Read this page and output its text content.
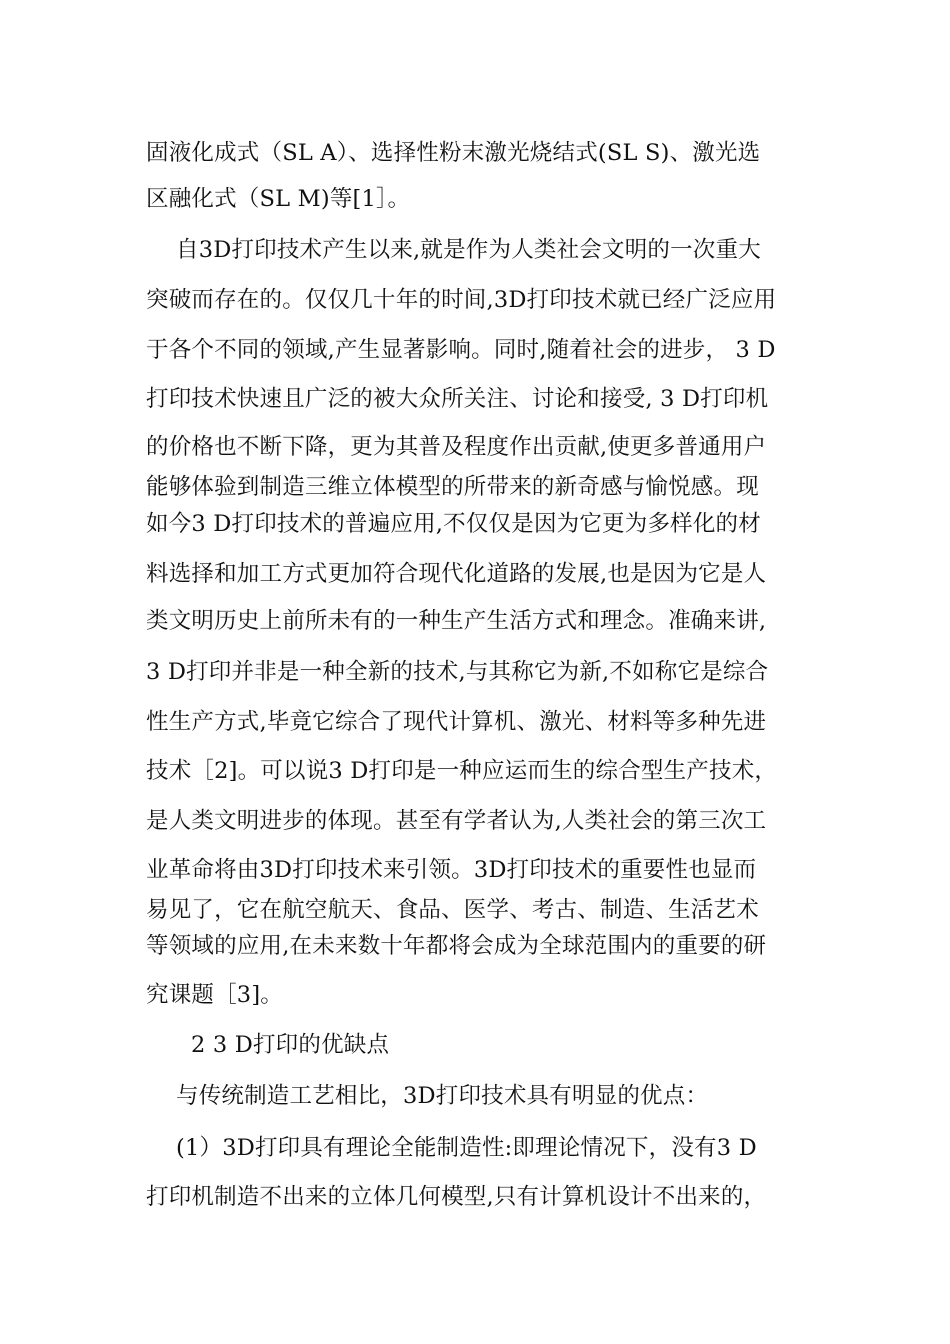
固液化成式（SL A）、选择性粉末激光烧结式(SL S)、激光选
区融化式（SL M)等[1］。
自3D打印技术产生以来,就是作为人类社会文明的一次重大
突破而存在的。仅仅几十年的时间,3D打印技术就已经广泛应用
于各个不同的领域,产生显著影响。同时,随着社会的进步， 3 D
打印技术快速且广泛的被大众所关注、讨论和接受, 3 D打印机
的价格也不断下降，更为其普及程度作出贡献,使更多普通用户
能够体验到制造三维立体模型的所带来的新奇感与愉悦感。现
如今3 D打印技术的普遍应用,不仅仅是因为它更为多样化的材
料选择和加工方式更加符合现代化道路的发展,也是因为它是人
类文明历史上前所未有的一种生产生活方式和理念。准确来讲,
3 D打印并非是一种全新的技术,与其称它为新,不如称它是综合
性生产方式,毕竟它综合了现代计算机、激光、材料等多种先进
技术［2]。可以说3 D打印是一种应运而生的综合型生产技术，
是人类文明进步的体现。甚至有学者认为,人类社会的第三次工
业革命将由3D打印技术来引领。3D打印技术的重要性也显而
易见了，它在航空航天、食品、医学、考古、制造、生活艺术
等领域的应用,在未来数十年都将会成为全球范围内的重要的研
究课题［3]。
2 3 D打印的优缺点
与传统制造工艺相比，3D打印技术具有明显的优点：
(1）3D打印具有理论全能制造性:即理论情况下，没有3 D
打印机制造不出来的立体几何模型,只有计算机设计不出来的，
